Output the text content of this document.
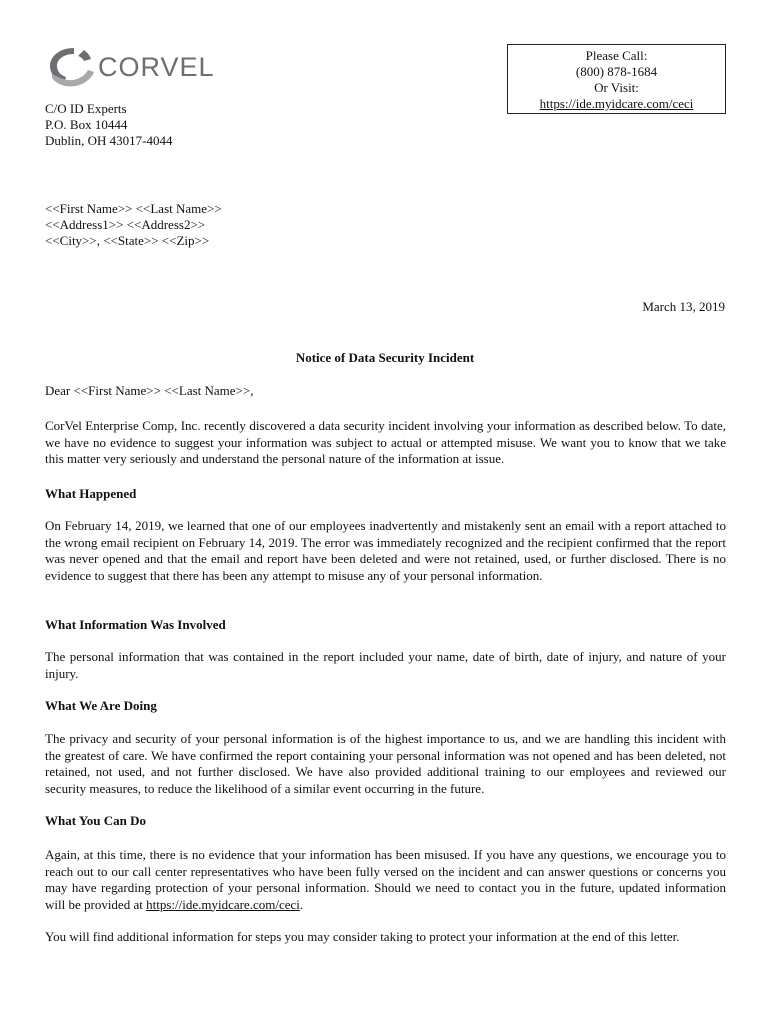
CORVEL	Please Call:
(800) 878-1684
Or Visit:
https://ide.myidcare.com/ceci
C/O ID Experts
P.O. Box 10444
Dublin, OH 43017-4044
<<First Name>> <<Last Name>>
<<Address1>> <<Address2>>
<<City>>, <<State>> <<Zip>>
March 13, 2019
Notice of Data Security Incident
Dear <<First Name>> <<Last Name>>,
CorVel Enterprise Comp, Inc. recently discovered a data security incident involving your information as described below. To date, we have no evidence to suggest your information was subject to actual or attempted misuse. We want you to know that we take this matter very seriously and understand the personal nature of the information at issue.
What Happened
On February 14, 2019, we learned that one of our employees inadvertently and mistakenly sent an email with a report attached to the wrong email recipient on February 14, 2019. The error was immediately recognized and the recipient confirmed that the report was never opened and that the email and report have been deleted and were not retained, used, or further disclosed. There is no evidence to suggest that there has been any attempt to misuse any of your personal information.
What Information Was Involved
The personal information that was contained in the report included your name, date of birth, date of injury, and nature of your injury.
What We Are Doing
The privacy and security of your personal information is of the highest importance to us, and we are handling this incident with the greatest of care. We have confirmed the report containing your personal information was not opened and has been deleted, not retained, not used, and not further disclosed. We have also provided additional training to our employees and reviewed our security measures, to reduce the likelihood of a similar event occurring in the future.
What You Can Do
Again, at this time, there is no evidence that your information has been misused. If you have any questions, we encourage you to reach out to our call center representatives who have been fully versed on the incident and can answer questions or concerns you may have regarding protection of your personal information. Should we need to contact you in the future, updated information will be provided at https://ide.myidcare.com/ceci.
You will find additional information for steps you may consider taking to protect your information at the end of this letter.
